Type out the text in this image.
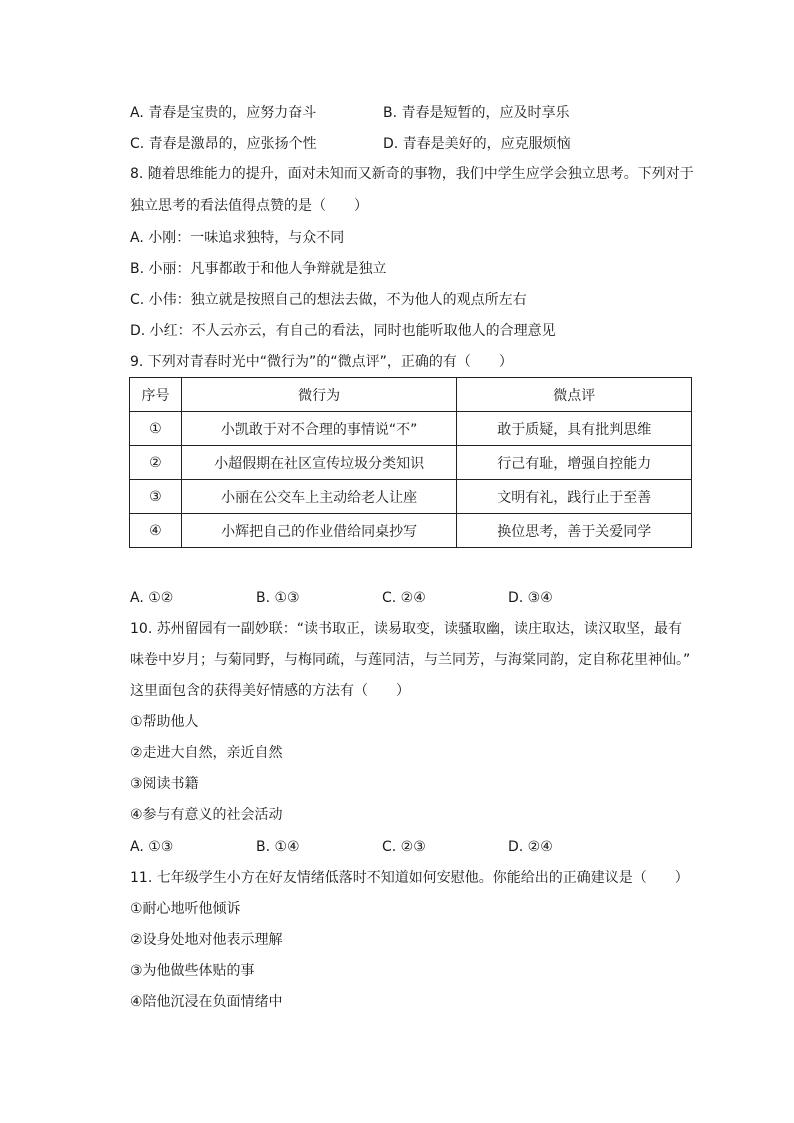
A. 青春是宝贵的，应努力奋斗	B. 青春是短暂的，应及时享乐
C. 青春是激昂的，应张扬个性	D. 青春是美好的，应克服烦恼
8. 随着思维能力的提升，面对未知而又新奇的事物，我们中学生应学会独立思考。下列对于
独立思考的看法值得点赞的是（　　）
A. 小刚：一味追求独特，与众不同
B. 小丽：凡事都敢于和他人争辩就是独立
C. 小伟：独立就是按照自己的想法去做，不为他人的观点所左右
D. 小红：不人云亦云，有自己的看法，同时也能听取他人的合理意见
9. 下列对青春时光中“微行为”的“微点评”，正确的有（　　）
序号	微行为	微点评
①	小凯敢于对不合理的事情说“不”	敢于质疑，具有批判思维
②	小超假期在社区宣传垃圾分类知识	行己有耻，增强自控能力
③	小丽在公交车上主动给老人让座	文明有礼，践行止于至善
④	小辉把自己的作业借给同桌抄写	换位思考，善于关爱同学
A. ①②	B. ①③	C. ②④	D. ③④
10. 苏州留园有一副妙联：“读书取正，读易取变，读骚取幽，读庄取达，读汉取坚，最有
味卷中岁月；与菊同野，与梅同疏，与莲同洁，与兰同芳，与海棠同韵，定自称花里神仙。”
这里面包含的获得美好情感的方法有（　　）
①帮助他人
②走进大自然，亲近自然
③阅读书籍
④参与有意义的社会活动
A. ①③	B. ①④	C. ②③	D. ②④
11. 七年级学生小方在好友情绪低落时不知道如何安慰他。你能给出的正确建议是（　　）
①耐心地听他倾诉
②设身处地对他表示理解
③为他做些体贴的事
④陪他沉浸在负面情绪中
